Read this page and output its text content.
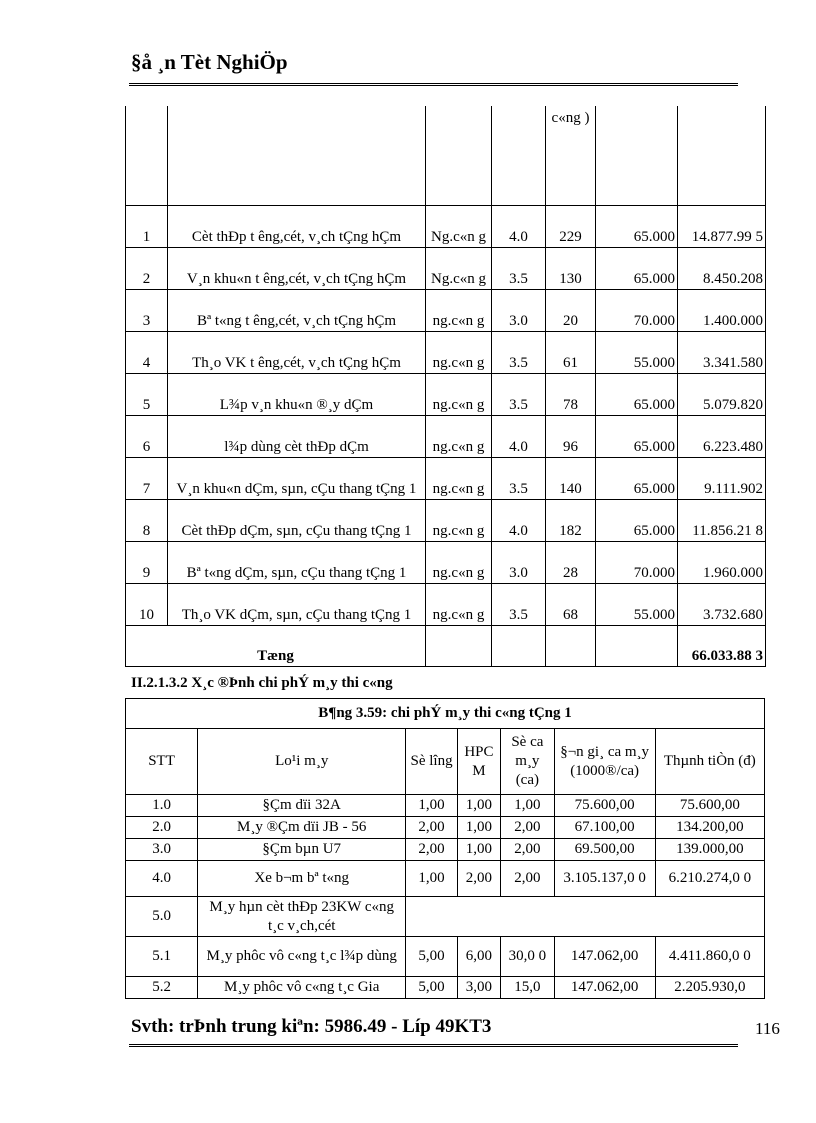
§å ¸n Tèt NghiÖp
				c«ng )		
1	Cèt thÐp t êng,cét, v¸ch tÇng hÇm	Ng.c«n g	4.0	229	65.000	14.877.99 5
2	V¸n khu«n t êng,cét, v¸ch tÇng hÇm	Ng.c«n g	3.5	130	65.000	8.450.208
3	Bª t«ng t êng,cét, v¸ch tÇng hÇm	ng.c«n g	3.0	20	70.000	1.400.000
4	Th¸o VK t êng,cét, v¸ch tÇng hÇm	ng.c«n g	3.5	61	55.000	3.341.580
5	L¾p v¸n khu«n ®¸y dÇm	ng.c«n g	3.5	78	65.000	5.079.820
6	l¾p dùng cèt thÐp dÇm	ng.c«n g	4.0	96	65.000	6.223.480
7	V¸n khu«n dÇm, sµn, cÇu thang tÇng 1	ng.c«n g	3.5	140	65.000	9.111.902
8	Cèt thÐp dÇm, sµn, cÇu thang tÇng 1	ng.c«n g	4.0	182	65.000	11.856.21 8
9	Bª t«ng dÇm, sµn, cÇu thang tÇng 1	ng.c«n g	3.0	28	70.000	1.960.000
10	Th¸o VK dÇm, sµn, cÇu thang tÇng 1	ng.c«n g	3.5	68	55.000	3.732.680
Tæng						66.033.88 3
II.2.1.3.2 X¸c ®Þnh chi phÝ m¸y thi c«ng
B¶ng 3.59: chi phÝ m¸y thi c«ng tÇng 1						
STT	Lo¹i m¸y	Sè lîng	HPC M	Sè ca m¸y (ca)	§¬n gi¸ ca m¸y (1000®/ca)	Thµnh tiÒn (đ)
1.0	§Çm dïi 32A	1,00	1,00	1,00	75.600,00	75.600,00
2.0	M¸y ®Çm dïi JB - 56	2,00	1,00	2,00	67.100,00	134.200,00
3.0	§Çm bµn U7	2,00	1,00	2,00	69.500,00	139.000,00
4.0	Xe b¬m bª t«ng	1,00	2,00	2,00	3.105.137,0 0	6.210.274,0 0
5.0	M¸y hµn cèt thÐp 23KW c«ng t¸c v¸ch,cét					
5.1	M¸y phôc vô c«ng t¸c l¾p dùng	5,00	6,00	30,0 0	147.062,00	4.411.860,0 0
5.2	M¸y phôc vô c«ng t¸c Gia	5,00	3,00	15,0	147.062,00	2.205.930,0
Svth: trÞnh trung kiªn: 5986.49 - Líp 49KT3	116
